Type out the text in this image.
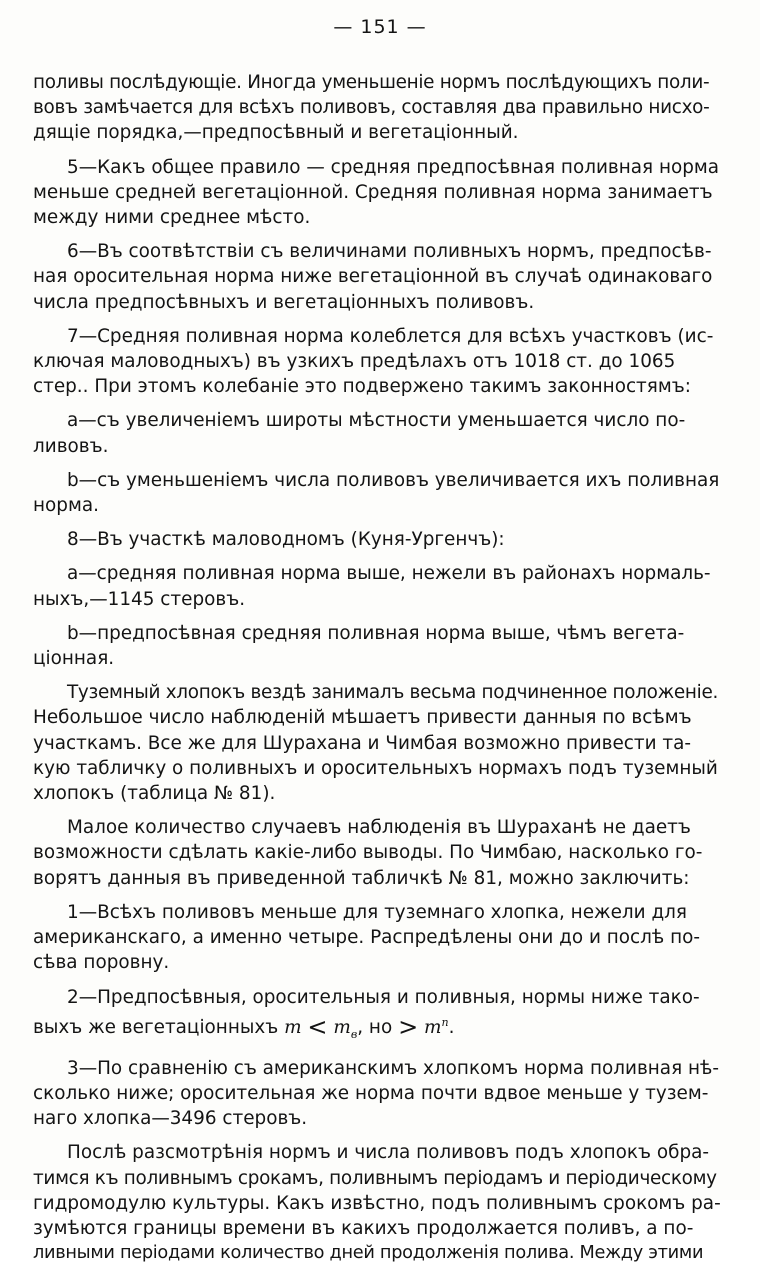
— 151 —
поливы послѣдующіе. Иногда уменьшеніе нормъ послѣдующихъ поли-
вовъ замѣчается для всѣхъ поливовъ, составляя два правильно нисхо-
дящіе порядка,—предпосѣвный и вегетаціонный.
5—Какъ общее правило — средняя предпосѣвная поливная норма
меньше средней вегетаціонной. Средняя поливная норма занимаетъ
между ними среднее мѣсто.
6—Въ соотвѣтствіи съ величинами поливныхъ нормъ, предпосѣв-
ная оросительная норма ниже вегетаціонной въ случаѣ одинаковаго
числа предпосѣвныхъ и вегетаціонныхъ поливовъ.
7—Средняя поливная норма колеблется для всѣхъ участковъ (ис-
ключая маловодныхъ) въ узкихъ предѣлахъ отъ 1018 ст. до 1065
стер.. При этомъ колебаніе это подвержено такимъ законностямъ:
а—съ увеличеніемъ широты мѣстности уменьшается число по-
ливовъ.
b—съ уменьшеніемъ числа поливовъ увеличивается ихъ поливная
норма.
8—Въ участкѣ маловодномъ (Куня-Ургенчъ):
а—средняя поливная норма выше, нежели въ районахъ нормаль-
ныхъ,—1145 стеровъ.
b—предпосѣвная средняя поливная норма выше, чѣмъ вегета-
ціонная.
Туземный хлопокъ вездѣ занималъ весьма подчиненное положеніе.
Небольшое число наблюденій мѣшаетъ привести данныя по всѣмъ
участкамъ. Все же для Шурахана и Чимбая возможно привести та-
кую табличку о поливныхъ и оросительныхъ нормахъ подъ туземный
хлопокъ (таблица № 81).
Малое количество случаевъ наблюденія въ Шураханѣ не даетъ
возможности сдѣлать какіе-либо выводы. По Чимбаю, насколько го-
ворятъ данныя въ приведенной табличкѣ № 81, можно заключить:
1—Всѣхъ поливовъ меньше для туземнаго хлопка, нежели для
американскаго, а именно четыре. Распредѣлены они до и послѣ по-
сѣва поровну.
2—Предпосѣвныя, оросительныя и поливныя, нормы ниже тако-
выхъ же вегетаціонныхъ $m < m_в$, но > $m^п$.
3—По сравненію съ американскимъ хлопкомъ норма поливная нѣ-
сколько ниже; оросительная же норма почти вдвое меньше у тузем-
наго хлопка—3496 стеровъ.
Послѣ разсмотрѣнія нормъ и числа поливовъ подъ хлопокъ обра-
тимся къ поливнымъ срокамъ, поливнымъ періодамъ и періодическому
гидромодулю культуры. Какъ извѣстно, подъ поливнымъ срокомъ ра-
зумѣются границы времени въ какихъ продолжается поливъ, а по-
ливными періодами количество дней продолженія полива. Между этими
